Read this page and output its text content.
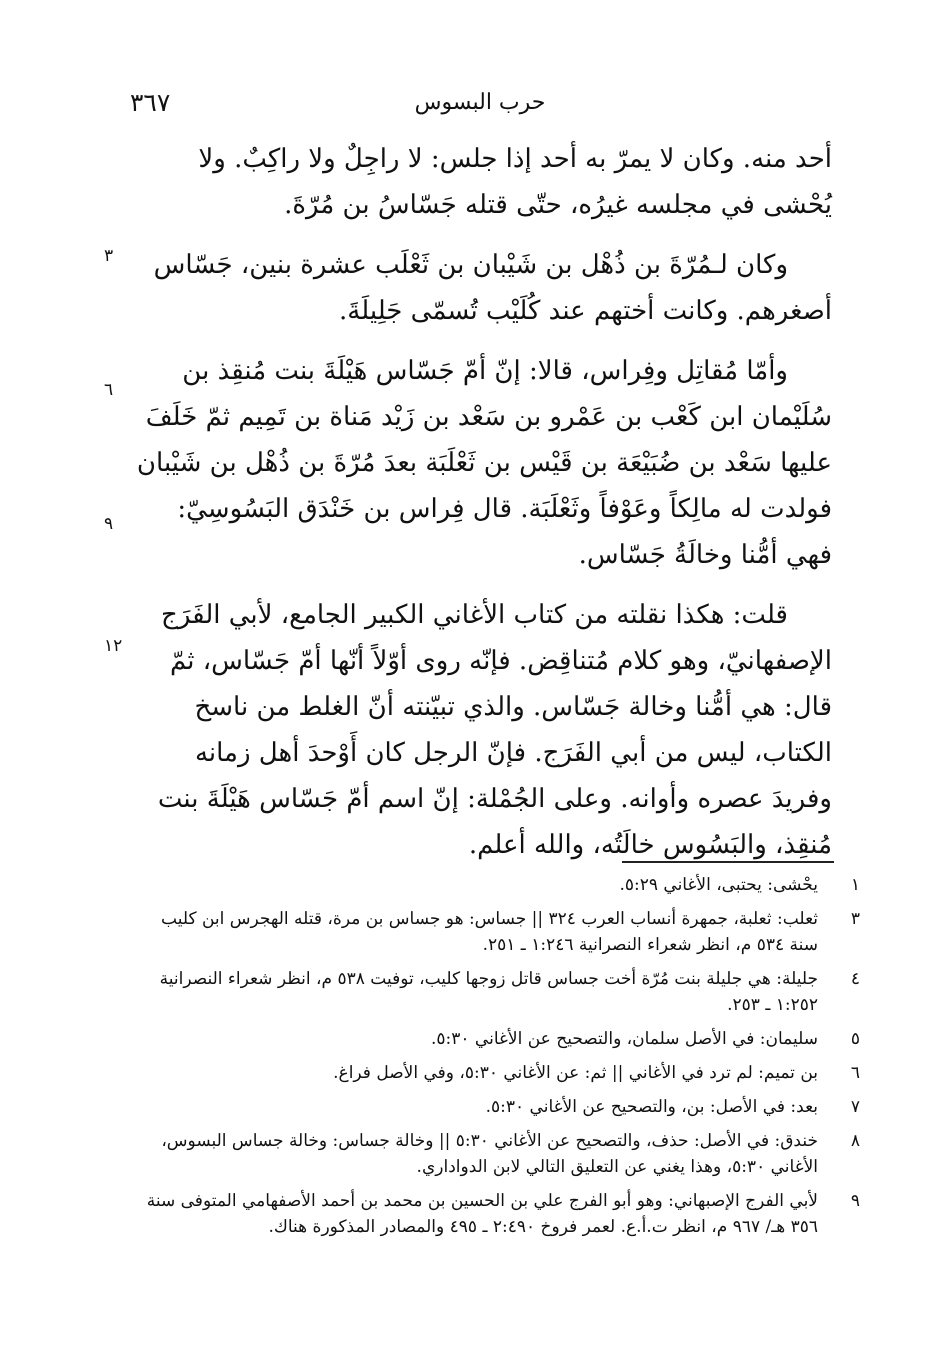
٣٦٧	حرب البسوس

أحد منه. وكان لا يمرّ به أحد إذا جلس: لا راجِلٌ ولا راكِبٌ. ولا يُحْشى في مجلسه غيرُه، حتّى قتله جَسّاسُ بن مُرّةَ.

وكان لـمُرّةَ بن ذُهْل بن شَيْبان بن ثَعْلَب عشرة بنين، جَسّاس أصغرهم. وكانت أختهم عند كُلَيْب تُسمّى جَلِيلَةَ.

وأمّا مُقاتِل وفِراس، قالا: إنّ أمّ جَسّاس هَيْلَةَ بنت مُنقِذ بن سُلَيْمان ابن كَعْب بن عَمْرو بن سَعْد بن زَيْد مَناة بن تَمِيم ثمّ خَلَفَ عليها سَعْد بن ضُبَيْعَة بن قَيْس بن ثَعْلَبَة بعدَ مُرّةَ بن ذُهْل بن شَيْبان فولدت له مالِكاً وعَوْفاً وثَعْلَبَة. قال فِراس بن خَنْدَق البَسُوسِيّ: فهي أمُّنا وخالَةُ جَسّاس.

قلت: هكذا نقلته من كتاب الأغاني الكبير الجامع، لأبي الفَرَج الإصفهانيّ، وهو كلام مُتناقِض. فإنّه روى أوّلاً أنّها أمّ جَسّاس، ثمّ قال: هي أمُّنا وخالة جَسّاس. والذي تبيّنته أنّ الغلط من ناسخ الكتاب، ليس من أبي الفَرَج. فإنّ الرجل كان أَوْحدَ أهل زمانه وفريدَ عصره وأوانه. وعلى الجُمْلة: إنّ اسم أمّ جَسّاس هَيْلَةَ بنت مُنقِذ، والبَسُوس خالَتُه، والله أعلم.

٣
٦
٩
١٢
١
يحْشى: يحتبى، الأغاني ٥:٢٩.
٣
ثعلب: ثعلبة، جمهرة أنساب العرب ٣٢٤ || جساس: هو جساس بن مرة، قتله الهجرس ابن كليب سنة ٥٣٤ م، انظر شعراء النصرانية ١:٢٤٦ ـ ٢٥١.
٤
جليلة: هي جليلة بنت مُرّة أخت جساس قاتل زوجها كليب، توفيت ٥٣٨ م، انظر شعراء النصرانية ١:٢٥٢ ـ ٢٥٣.
٥
سليمان: في الأصل سلمان، والتصحيح عن الأغاني ٥:٣٠.
٦
بن تميم: لم ترد في الأغاني || ثم: عن الأغاني ٥:٣٠، وفي الأصل فراغ.
٧
بعد: في الأصل: بن، والتصحيح عن الأغاني ٥:٣٠.
٨
خندق: في الأصل: حذف، والتصحيح عن الأغاني ٥:٣٠ || وخالة جساس: وخالة جساس البسوس، الأغاني ٥:٣٠، وهذا يغني عن التعليق التالي لابن الدواداري.
٩
لأبي الفرج الإصبهاني: وهو أبو الفرج علي بن الحسين بن محمد بن أحمد الأصفهامي المتوفى سنة ٣٥٦ هـ/ ٩٦٧ م، انظر ت.أ.ع. لعمر فروخ ٢:٤٩٠ ـ ٤٩٥ والمصادر المذكورة هناك.
